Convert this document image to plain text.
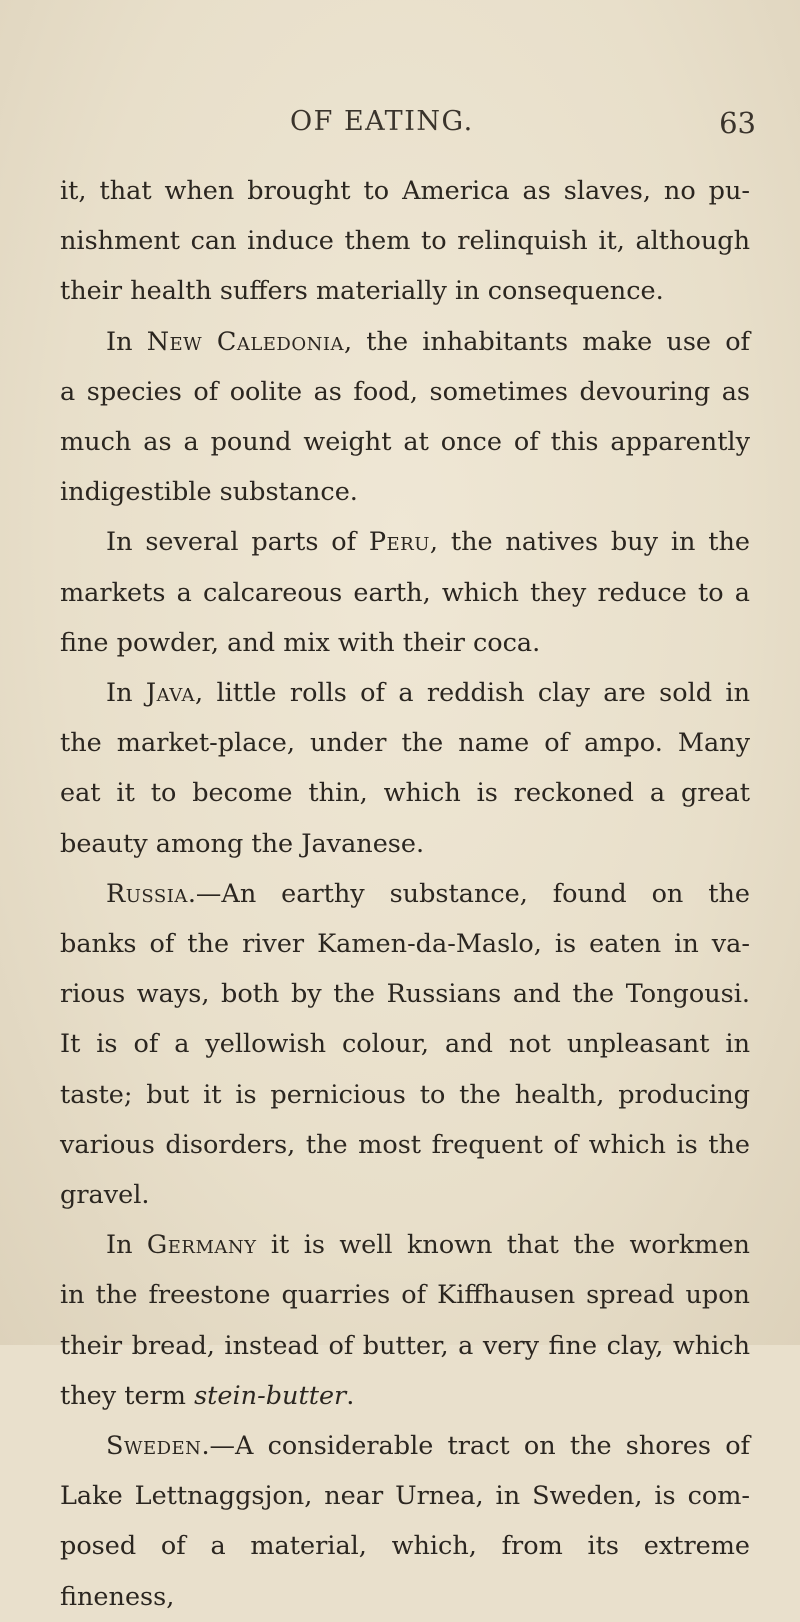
OF EATING.	63

it, that when brought to America as slaves, no pu-
nishment can induce them to relinquish it, although
their health suffers materially in consequence.

In New Caledonia, the inhabitants make use of
a species of oolite as food, sometimes devouring as
much as a pound weight at once of this apparently
indigestible substance.

In several parts of Peru, the natives buy in the
markets a calcareous earth, which they reduce to a
fine powder, and mix with their coca.

In Java, little rolls of a reddish clay are sold in
the market-place, under the name of ampo. Many
eat it to become thin, which is reckoned a great
beauty among the Javanese.

Russia.—An earthy substance, found on the
banks of the river Kamen-da-Maslo, is eaten in va-
rious ways, both by the Russians and the Tongousi.
It is of a yellowish colour, and not unpleasant in
taste; but it is pernicious to the health, producing
various disorders, the most frequent of which is the
gravel.

In Germany it is well known that the workmen
in the freestone quarries of Kiffhausen spread upon
their bread, instead of butter, a very fine clay, which
they term stein-butter.

Sweden.—A considerable tract on the shores of
Lake Lettnaggsjon, near Urnea, in Sweden, is com-
posed of a material, which, from its extreme fineness,
